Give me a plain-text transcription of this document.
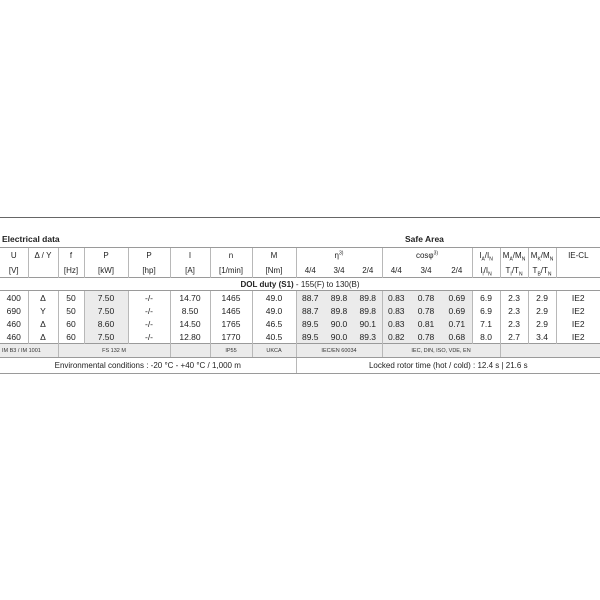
Electrical data	Safe Area
U	Δ / Y	f	P	P	I	n	M	$\eta^{3)}$			cosφ$^{3)}$			$I_A/I_N$	$M_A/M_N$	$M_K/M_N$	IE-CL
[V]		[Hz]	[kW]	[hp]	[A]	[1/min]	[Nm]	4/4	3/4	2/4	4/4	3/4	2/4	$I_l/I_N$	$T_I/T_N$	$T_B/T_N$	
DOL duty (S1) - 155(F) to 130(B)																	
400	Δ	50	7.50	-/-	14.70	1465	49.0	88.7	89.8	89.8	0.83	0.78	0.69	6.9	2.3	2.9	IE2
690	Y	50	7.50	-/-	8.50	1465	49.0	88.7	89.8	89.8	0.83	0.78	0.69	6.9	2.3	2.9	IE2
460	Δ	60	8.60	-/-	14.50	1765	46.5	89.5	90.0	90.1	0.83	0.81	0.71	7.1	2.3	2.9	IE2
460	Δ	60	7.50	-/-	12.80	1770	40.5	89.5	90.0	89.3	0.82	0.78	0.68	8.0	2.7	3.4	IE2
IM B3 / IM 1001		FS 132 M				IP55	UKCA	IEC/EN 60034			IEC, DIN, ISO, VDE, EN						
Environmental conditions : -20 °C - +40 °C / 1,000 m								Locked rotor time (hot / cold) : 12.4 s | 21.6 s									
